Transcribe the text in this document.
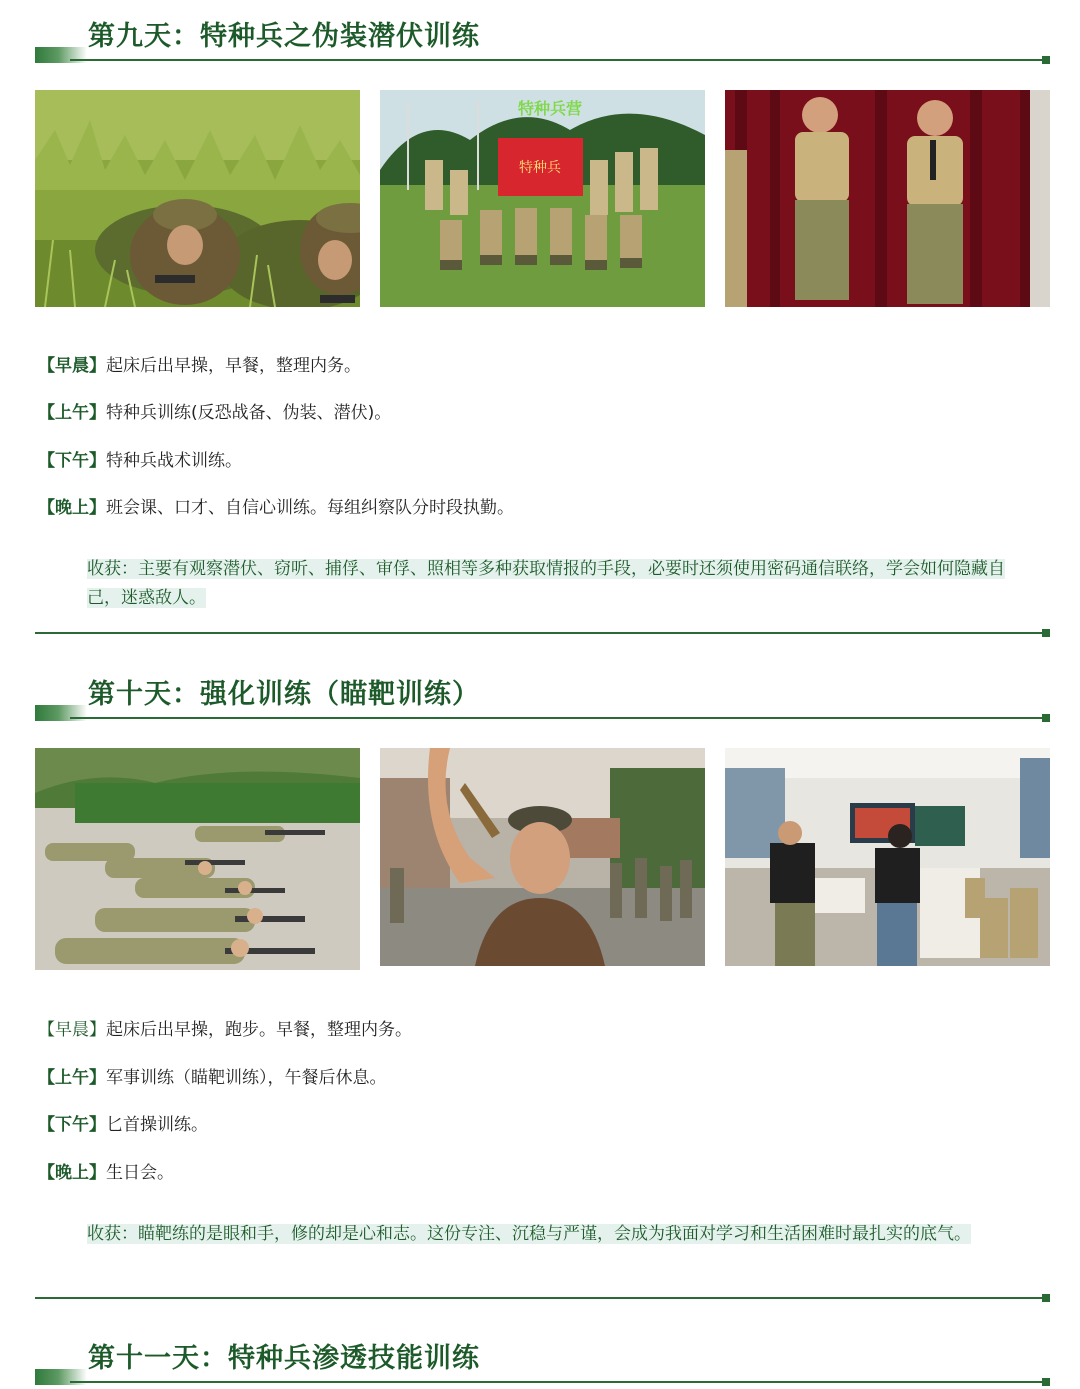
第九天：特种兵之伪装潜伏训练
特种兵
特种兵营
【早晨】起床后出早操，早餐，整理内务。
【上午】特种兵训练(反恐战备、伪装、潜伏)。
【下午】特种兵战术训练。
【晚上】班会课、口才、自信心训练。每组纠察队分时段执勤。
收获：主要有观察潜伏、窃听、捕俘、审俘、照相等多种获取情报的手段，必要时还须使用密码通信联络，学会如何隐藏自己，迷惑敌人。
第十天：强化训练（瞄靶训练）
【早晨】起床后出早操，跑步。早餐，整理内务。
【上午】军事训练（瞄靶训练），午餐后休息。
【下午】匕首操训练。
【晚上】生日会。
收获：瞄靶练的是眼和手，修的却是心和志。这份专注、沉稳与严谨，会成为我面对学习和生活困难时最扎实的底气。
第十一天：特种兵渗透技能训练
